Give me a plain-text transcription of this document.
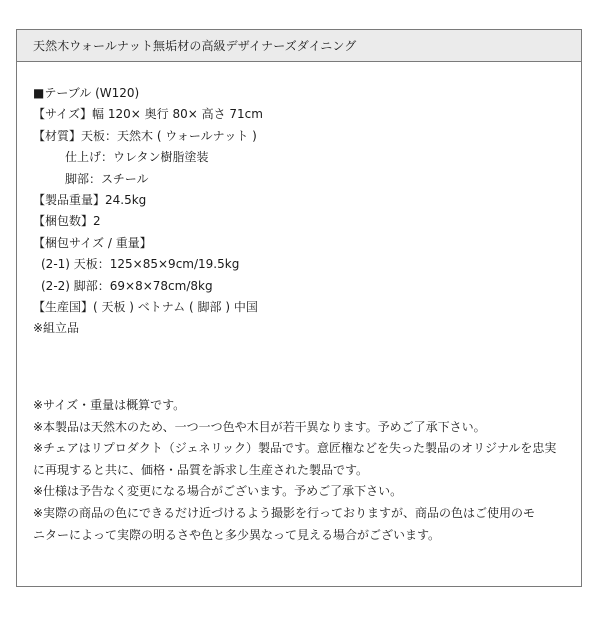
天然木ウォールナット無垢材の高級デザイナーズダイニング
■テーブル (W120)
【サイズ】幅 120× 奥行 80× 高さ 71cm
【材質】天板：天然木 ( ウォールナット )
仕上げ：ウレタン樹脂塗装
脚部：スチール
【製品重量】24.5kg
【梱包数】2
【梱包サイズ / 重量】
(2-1) 天板：125×85×9cm/19.5kg
(2-2) 脚部：69×8×78cm/8kg
【生産国】( 天板 ) ベトナム ( 脚部 ) 中国
※組立品
※サイズ・重量は概算です。
※本製品は天然木のため、一つ一つ色や木目が若干異なります。予めご了承下さい。
※チェアはリプロダクト（ジェネリック）製品です。意匠権などを失った製品のオリジナルを忠実
に再現すると共に、価格・品質を訴求し生産された製品です。
※仕様は予告なく変更になる場合がございます。予めご了承下さい。
※実際の商品の色にできるだけ近づけるよう撮影を行っておりますが、商品の色はご使用のモ
ニターによって実際の明るさや色と多少異なって見える場合がございます。
